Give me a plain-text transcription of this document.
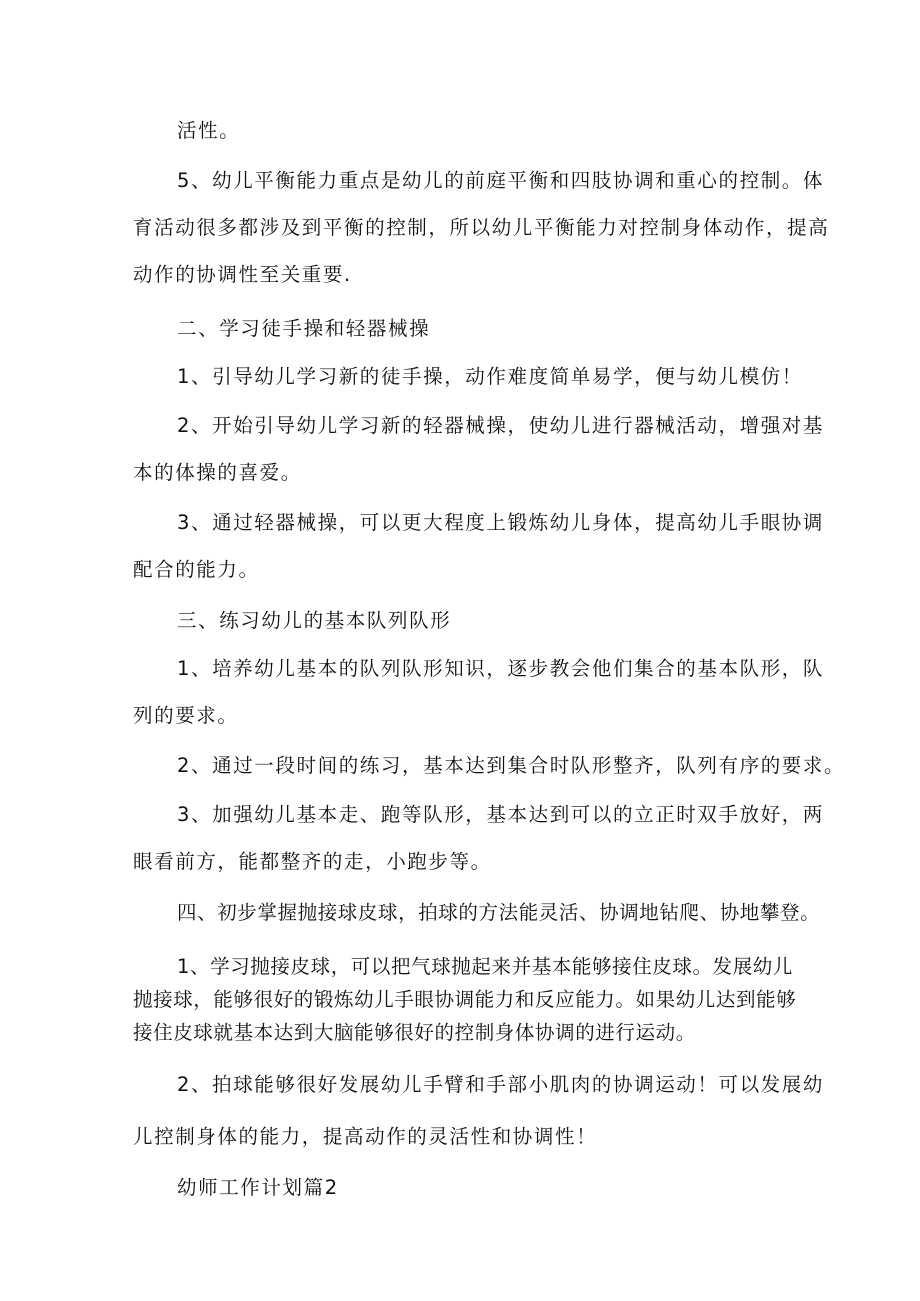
活性。
5、幼儿平衡能力重点是幼儿的前庭平衡和四肢协调和重心的控制。体
育活动很多都涉及到平衡的控制，所以幼儿平衡能力对控制身体动作，提高
动作的协调性至关重要.
二、学习徒手操和轻器械操
1、引导幼儿学习新的徒手操，动作难度简单易学，便与幼儿模仿！
2、开始引导幼儿学习新的轻器械操，使幼儿进行器械活动，增强对基
本的体操的喜爱。
3、通过轻器械操，可以更大程度上锻炼幼儿身体，提高幼儿手眼协调
配合的能力。
三、练习幼儿的基本队列队形
1、培养幼儿基本的队列队形知识，逐步教会他们集合的基本队形，队
列的要求。
2、通过一段时间的练习，基本达到集合时队形整齐，队列有序的要求。
3、加强幼儿基本走、跑等队形，基本达到可以的立正时双手放好，两
眼看前方，能都整齐的走，小跑步等。
四、初步掌握抛接球皮球，拍球的方法能灵活、协调地钻爬、协地攀登。
1、学习抛接皮球，可以把气球抛起来并基本能够接住皮球。发展幼儿
抛接球，能够很好的锻炼幼儿手眼协调能力和反应能力。如果幼儿达到能够
接住皮球就基本达到大脑能够很好的控制身体协调的进行运动。
2、拍球能够很好发展幼儿手臂和手部小肌肉的协调运动！可以发展幼
儿控制身体的能力，提高动作的灵活性和协调性！
幼师工作计划篇2
